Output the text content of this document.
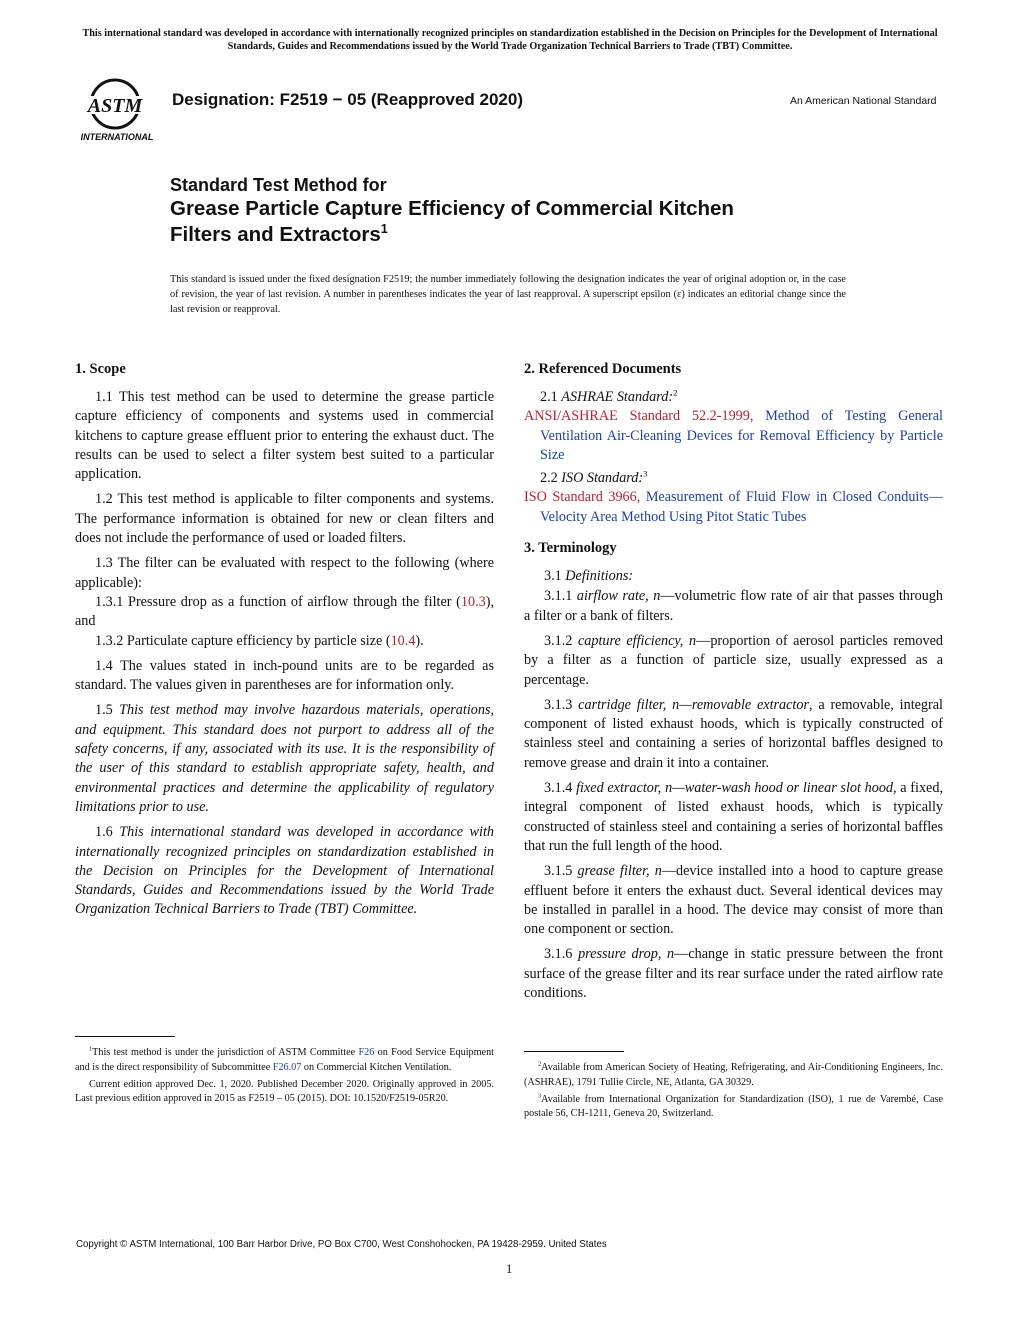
This international standard was developed in accordance with internationally recognized principles on standardization established in the Decision on Principles for the Development of International Standards, Guides and Recommendations issued by the World Trade Organization Technical Barriers to Trade (TBT) Committee.
ASTM
INTERNATIONAL
Designation: F2519 − 05 (Reapproved 2020)	An American National Standard
Standard Test Method for
Grease Particle Capture Efficiency of Commercial Kitchen
Filters and Extractors$^1$
This standard is issued under the fixed designation F2519; the number immediately following the designation indicates the year of original adoption or, in the case of revision, the year of last revision. A number in parentheses indicates the year of last reapproval. A superscript epsilon (ε) indicates an editorial change since the last revision or reapproval.
1. Scope

1.1 This test method can be used to determine the grease particle capture efficiency of components and systems used in commercial kitchens to capture grease effluent prior to entering the exhaust duct. The results can be used to select a filter system best suited to a particular application.

1.2 This test method is applicable to filter components and systems. The performance information is obtained for new or clean filters and does not include the performance of used or loaded filters.

1.3 The filter can be evaluated with respect to the following (where applicable):

1.3.1 Pressure drop as a function of airflow through the filter (10.3), and

1.3.2 Particulate capture efficiency by particle size (10.4).

1.4 The values stated in inch-pound units are to be regarded as standard. The values given in parentheses are for information only.

1.5 This test method may involve hazardous materials, operations, and equipment. This standard does not purport to address all of the safety concerns, if any, associated with its use. It is the responsibility of the user of this standard to establish appropriate safety, health, and environmental practices and determine the applicability of regulatory limitations prior to use.

1.6 This international standard was developed in accordance with internationally recognized principles on standardization established in the Decision on Principles for the Development of International Standards, Guides and Recommendations issued by the World Trade Organization Technical Barriers to Trade (TBT) Committee.

2. Referenced Documents

2.1 ASHRAE Standard:$^2$

ANSI/ASHRAE Standard 52.2-1999, Method of Testing General Ventilation Air-Cleaning Devices for Removal Efficiency by Particle Size

2.2 ISO Standard:$^3$

ISO Standard 3966, Measurement of Fluid Flow in Closed Conduits—Velocity Area Method Using Pitot Static Tubes

3. Terminology

3.1 Definitions:

3.1.1 airflow rate, n—volumetric flow rate of air that passes through a filter or a bank of filters.

3.1.2 capture efficiency, n—proportion of aerosol particles removed by a filter as a function of particle size, usually expressed as a percentage.

3.1.3 cartridge filter, n—removable extractor, a removable, integral component of listed exhaust hoods, which is typically constructed of stainless steel and containing a series of horizontal baffles designed to remove grease and drain it into a container.

3.1.4 fixed extractor, n—water-wash hood or linear slot hood, a fixed, integral component of listed exhaust hoods, which is typically constructed of stainless steel and containing a series of horizontal baffles that run the full length of the hood.

3.1.5 grease filter, n—device installed into a hood to capture grease effluent before it enters the exhaust duct. Several identical devices may be installed in parallel in a hood. The device may consist of more than one component or section.

3.1.6 pressure drop, n—change in static pressure between the front surface of the grease filter and its rear surface under the rated airflow rate conditions.

$^1$This test method is under the jurisdiction of ASTM Committee F26 on Food Service Equipment and is the direct responsibility of Subcommittee F26.07 on Commercial Kitchen Ventilation.

Current edition approved Dec. 1, 2020. Published December 2020. Originally approved in 2005. Last previous edition approved in 2015 as F2519 – 05 (2015). DOI: 10.1520/F2519-05R20.

$^2$Available from American Society of Heating, Refrigerating, and Air-Conditioning Engineers, Inc. (ASHRAE), 1791 Tullie Circle, NE, Atlanta, GA 30329.

$^3$Available from International Organization for Standardization (ISO), 1 rue de Varembé, Case postale 56, CH-1211, Geneva 20, Switzerland.

Copyright © ASTM International, 100 Barr Harbor Drive, PO Box C700, West Conshohocken, PA 19428-2959. United States
1
